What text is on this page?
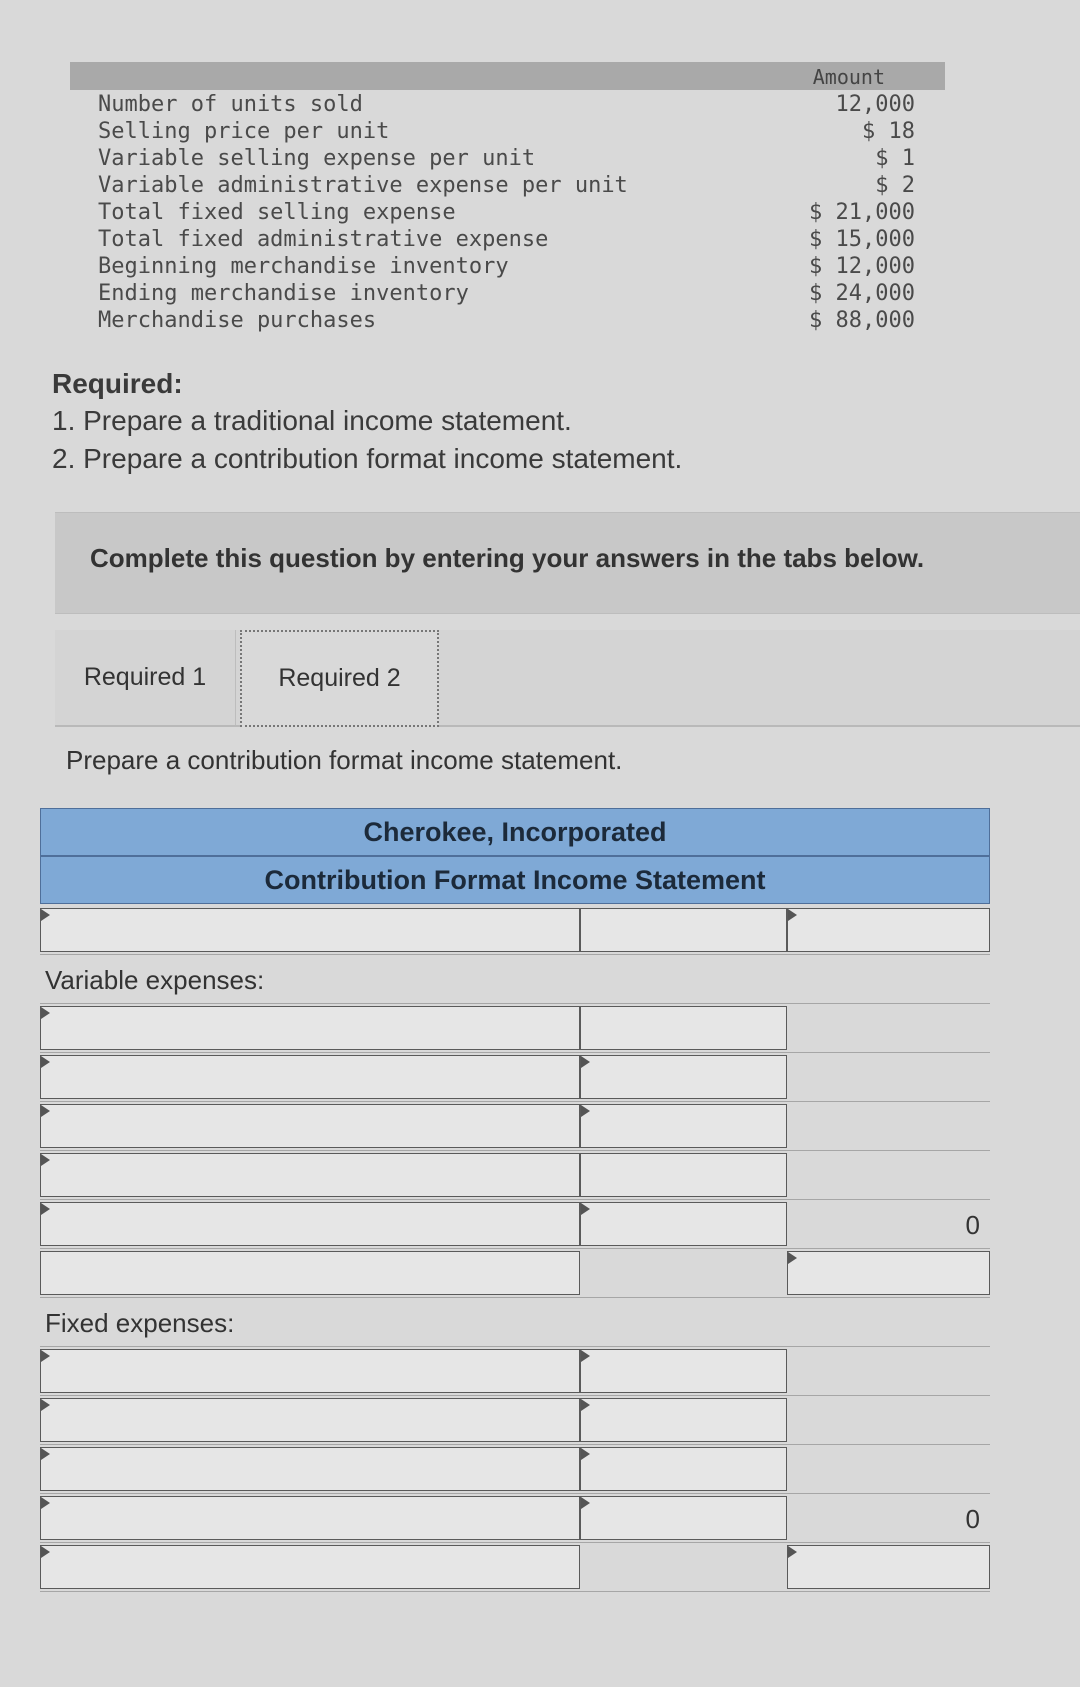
Amount
Number of units sold	12,000
Selling price per unit	$ 18
Variable selling expense per unit	$ 1
Variable administrative expense per unit	$ 2
Total fixed selling expense	$ 21,000
Total fixed administrative expense	$ 15,000
Beginning merchandise inventory	$ 12,000
Ending merchandise inventory	$ 24,000
Merchandise purchases	$ 88,000
Required:
1. Prepare a traditional income statement.
2. Prepare a contribution format income statement.
Complete this question by entering your answers in the tabs below.
Required 1	Required 2
Prepare a contribution format income statement.
Cherokee, Incorporated
Contribution Format Income Statement
Variable expenses:
0
Fixed expenses:
0
